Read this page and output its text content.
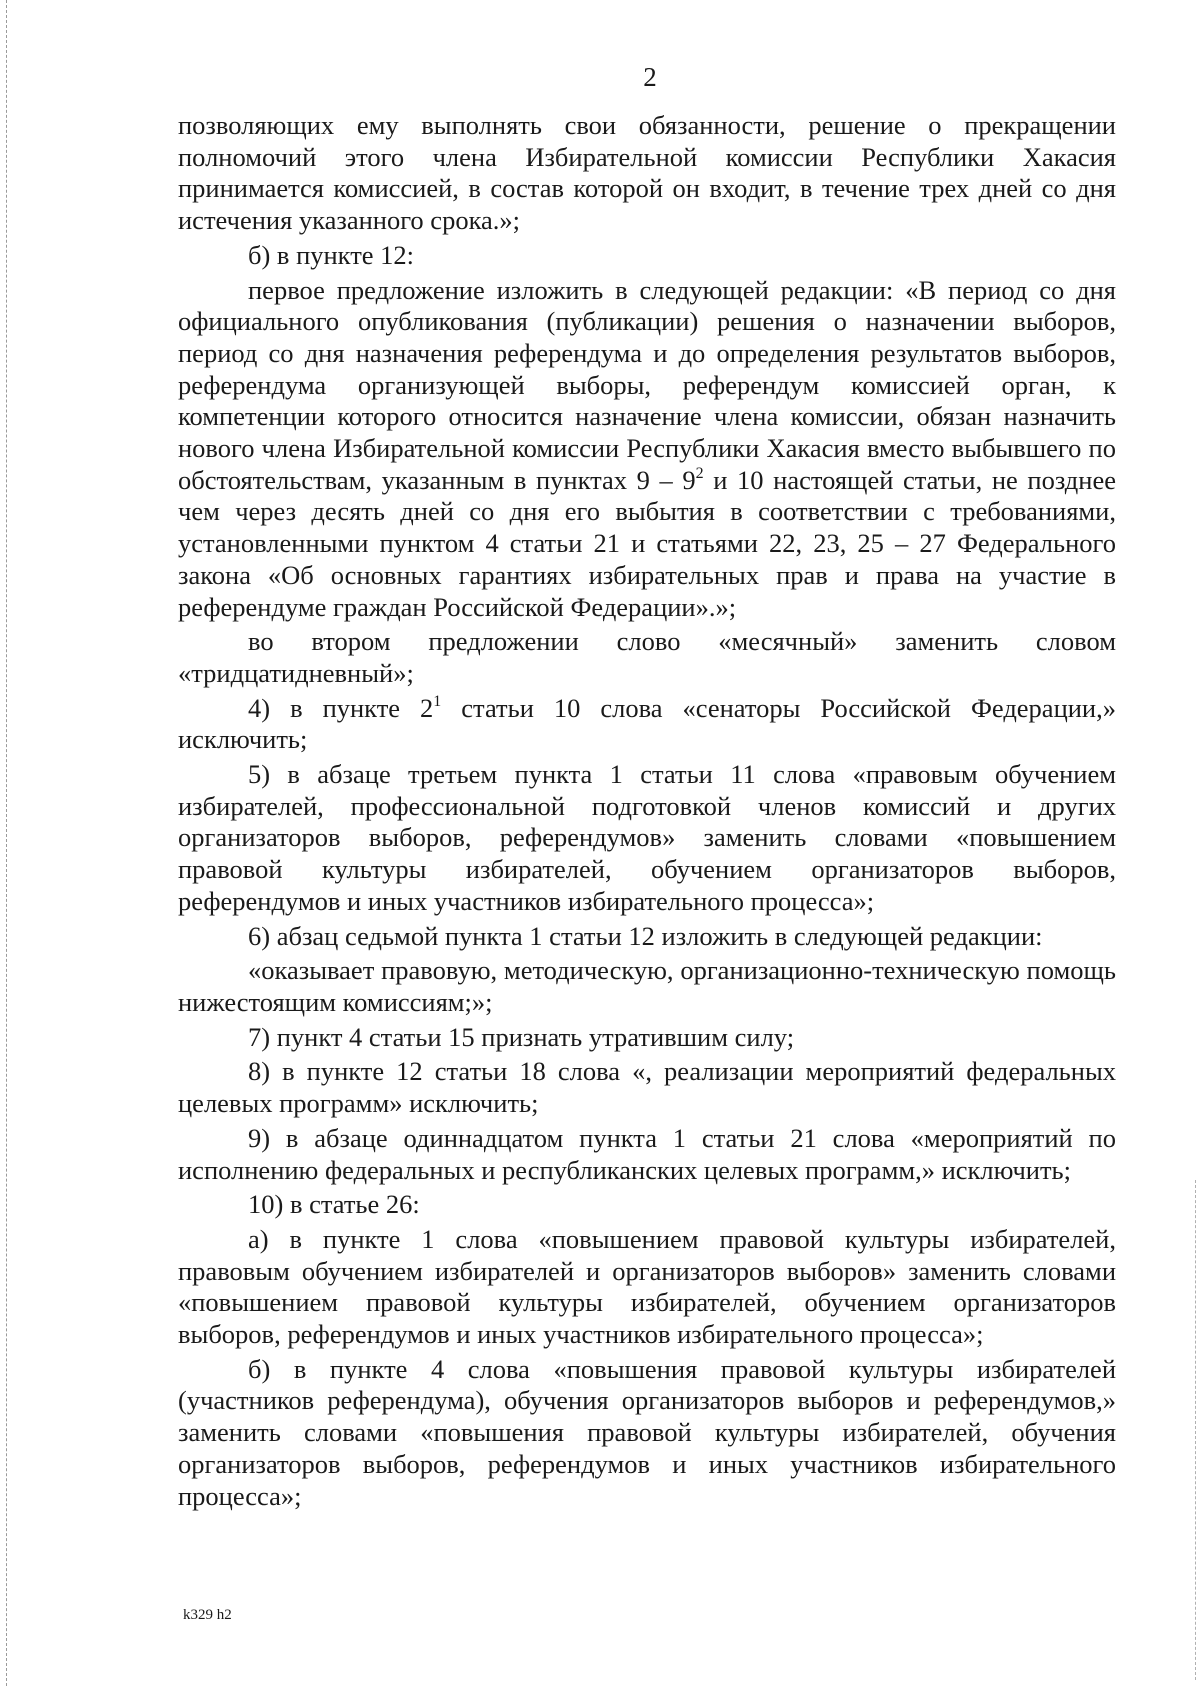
2

позволяющих ему выполнять свои обязанности, решение о прекращении полномочий этого члена Избирательной комиссии Республики Хакасия принимается комиссией, в состав которой он входит, в течение трех дней со дня истечения указанного срока.»;

б) в пункте 12:

первое предложение изложить в следующей редакции: «В период со дня официального опубликования (публикации) решения о назначении выборов, период со дня назначения референдума и до определения результатов выборов, референдума организующей выборы, референдум комиссией орган, к компетенции которого относится назначение члена комиссии, обязан назначить нового члена Избирательной комиссии Республики Хакасия вместо выбывшего по обстоятельствам, указанным в пунктах $9 - 9^2$ и 10 настоящей статьи, не позднее чем через десять дней со дня его выбытия в соответствии с требованиями, установленными пунктом 4 статьи 21 и статьями 22, 23, 25 – 27 Федерального закона «Об основных гарантиях избирательных прав и права на участие в референдуме граждан Российской Федерации».»;

во втором предложении слово «месячный» заменить словом «тридцатидневный»;

4) в пункте $2^1$ статьи 10 слова «сенаторы Российской Федерации,» исключить;

5) в абзаце третьем пункта 1 статьи 11 слова «правовым обучением избирателей, профессиональной подготовкой членов комиссий и других организаторов выборов, референдумов» заменить словами «повышением правовой культуры избирателей, обучением организаторов выборов, референдумов и иных участников избирательного процесса»;

6) абзац седьмой пункта 1 статьи 12 изложить в следующей редакции:

«оказывает правовую, методическую, организационно-техническую помощь нижестоящим комиссиям;»;

7) пункт 4 статьи 15 признать утратившим силу;

8) в пункте 12 статьи 18 слова «, реализации мероприятий федеральных целевых программ» исключить;

9) в абзаце одиннадцатом пункта 1 статьи 21 слова «мероприятий по исполнению федеральных и республиканских целевых программ,» исключить;

10) в статье 26:

а) в пункте 1 слова «повышением правовой культуры избирателей, правовым обучением избирателей и организаторов выборов» заменить словами «повышением правовой культуры избирателей, обучением организаторов выборов, референдумов и иных участников избирательного процесса»;

б) в пункте 4 слова «повышения правовой культуры избирателей (участников референдума), обучения организаторов выборов и референдумов,» заменить словами «повышения правовой культуры избирателей, обучения организаторов выборов, референдумов и иных участников избирательного процесса»;

k329 h2
